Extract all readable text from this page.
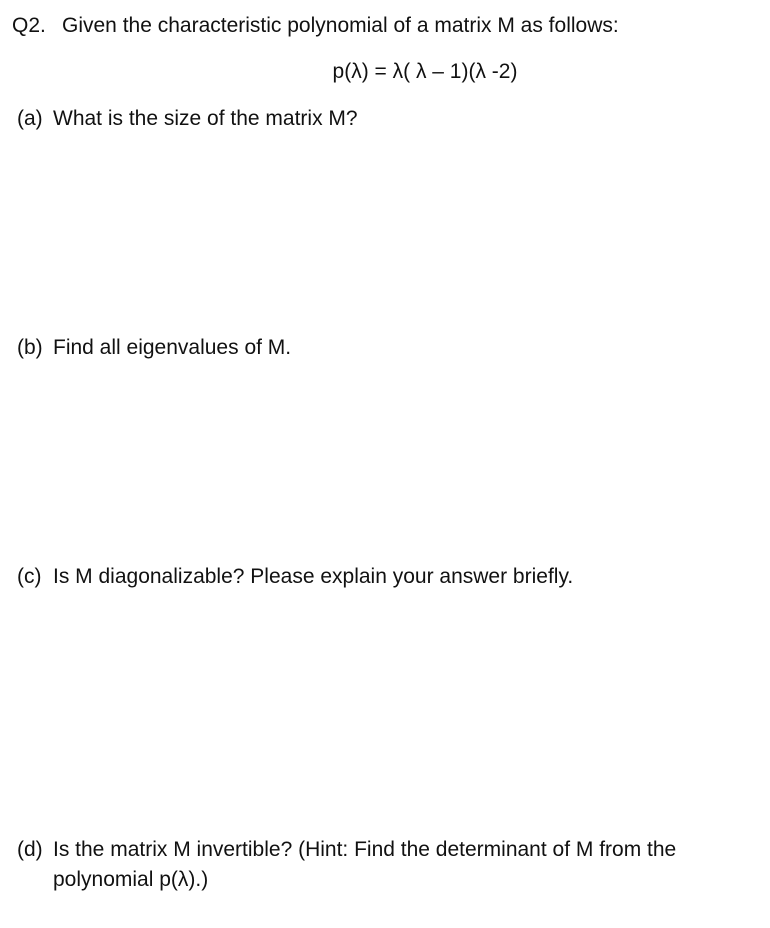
Q2. Given the characteristic polynomial of a matrix M as follows:
p(λ) = λ( λ – 1)(λ -2)
(a) What is the size of the matrix M?
(b) Find all eigenvalues of M.
(c) Is M diagonalizable? Please explain your answer briefly.
(d) Is the matrix M invertible? (Hint: Find the determinant of M from the polynomial p(λ).)
